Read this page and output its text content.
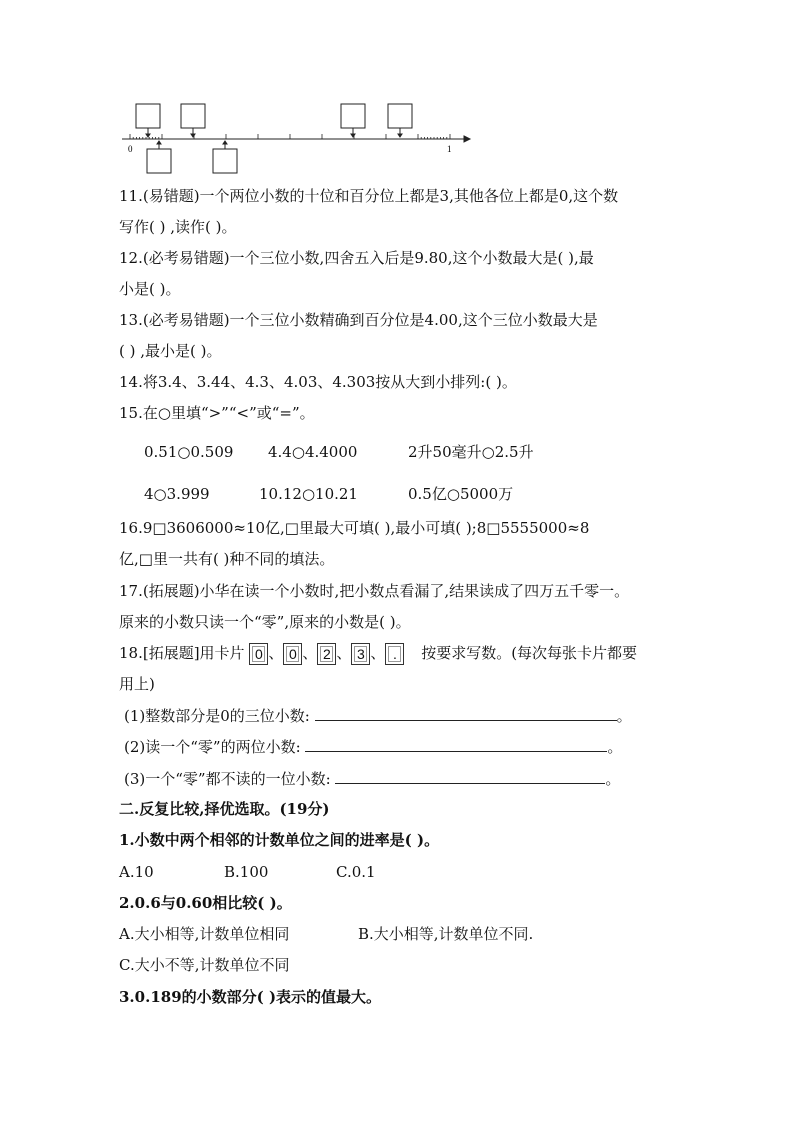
0	1
11.(易错题)一个两位小数的十位和百分位上都是3,其他各位上都是0,这个数
写作( ) ,读作( )。
12.(必考易错题)一个三位小数,四舍五入后是9.80,这个小数最大是( ),最
小是( )。
13.(必考易错题)一个三位小数精确到百分位是4.00,这个三位小数最大是
( ) ,最小是( )。
14.将3.4、3.44、4.3、4.03、4.303按从大到小排列:( )。
15.在○里填“>”“<”或“=”。
0.51○0.509 4.4○4.4000	2升50毫升○2.5升
4○3.999	10.12○10.21	0.5亿○5000万
16.9□3606000≈10亿,□里最大可填( ),最小可填( );8□5555000≈8
亿,□里一共有( )种不同的填法。
17.(拓展题)小华在读一个小数时,把小数点看漏了,结果读成了四万五千零一。
原来的小数只读一个“零”,原来的小数是( )。
18.[拓展题]用卡片 0 、 0 、 2 、 3 、 . 按要求写数。(每次每张卡片都要
用上)
(1)整数部分是0的三位小数:	。
(2)读一个“零”的两位小数:	。
(3)一个“零”都不读的一位小数:	。
二.反复比较,择优选取。(19分)
1.小数中两个相邻的计数单位之间的进率是( )。
A.10	B.100	C.0.1
2.0.6与0.60相比较( )。
A.大小相等,计数单位相同	B.大小相等,计数单位不同.
C.大小不等,计数单位不同
3.0.189的小数部分( )表示的值最大。
